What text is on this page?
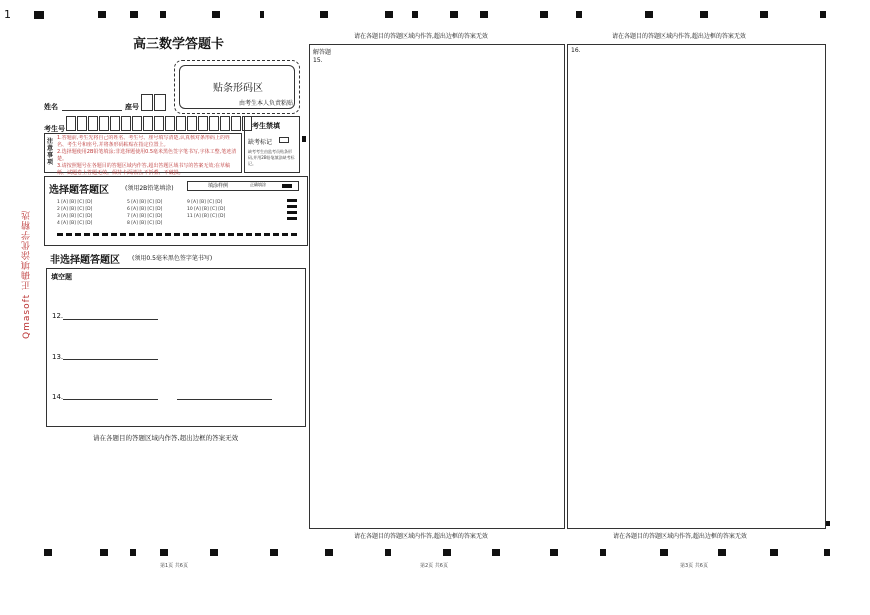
1
Qmasoft 正确填涂优学精选
高三数学答题卡
贴条形码区
由考生本人负责粘贴
姓名	座号
考生号
注意事项
1.答题前,考生先将自己的姓名、考生号、座号填写清楚,认真核对条形码上的姓名、考生号和座号,并将条形码粘贴在指定位置上。
2.选择题使用2B铅笔填涂;非选择题使用0.5毫米黑色签字笔书写,字体工整,笔迹清楚。
3.请按照题号在各题目的答题区域内作答,超出答题区域书写的答案无效;在草稿纸、试题卷上答题无效。保持卡面清洁,不折叠、不破损。
考生禁填
缺考标记
缺考考生由监考员贴条形码,并用2B铅笔填涂缺考标记。
选择题答题区	(须用2B铅笔填涂)	填涂样例	正确填涂
1 [A] [B] [C] [D]
2 [A] [B] [C] [D]
3 [A] [B] [C] [D]
4 [A] [B] [C] [D]
5 [A] [B] [C] [D]
6 [A] [B] [C] [D]
7 [A] [B] [C] [D]
8 [A] [B] [C] [D]
9 [A] [B] [C] [D]
10 [A] [B] [C] [D]
11 [A] [B] [C] [D]
非选择题答题区 (须用0.5毫米黑色签字笔书写)
填空题
12.
13.
14.
请在各题目的答题区域内作答,超出边框的答案无效
请在各题目的答题区域内作答,超出边框的答案无效
解答题
15.
请在各题目的答题区域内作答,超出边框的答案无效
请在各题目的答题区域内作答,超出边框的答案无效
16.
请在各题目的答题区域内作答,超出边框的答案无效
第1页 共6页	第2页 共6页	第3页 共6页
